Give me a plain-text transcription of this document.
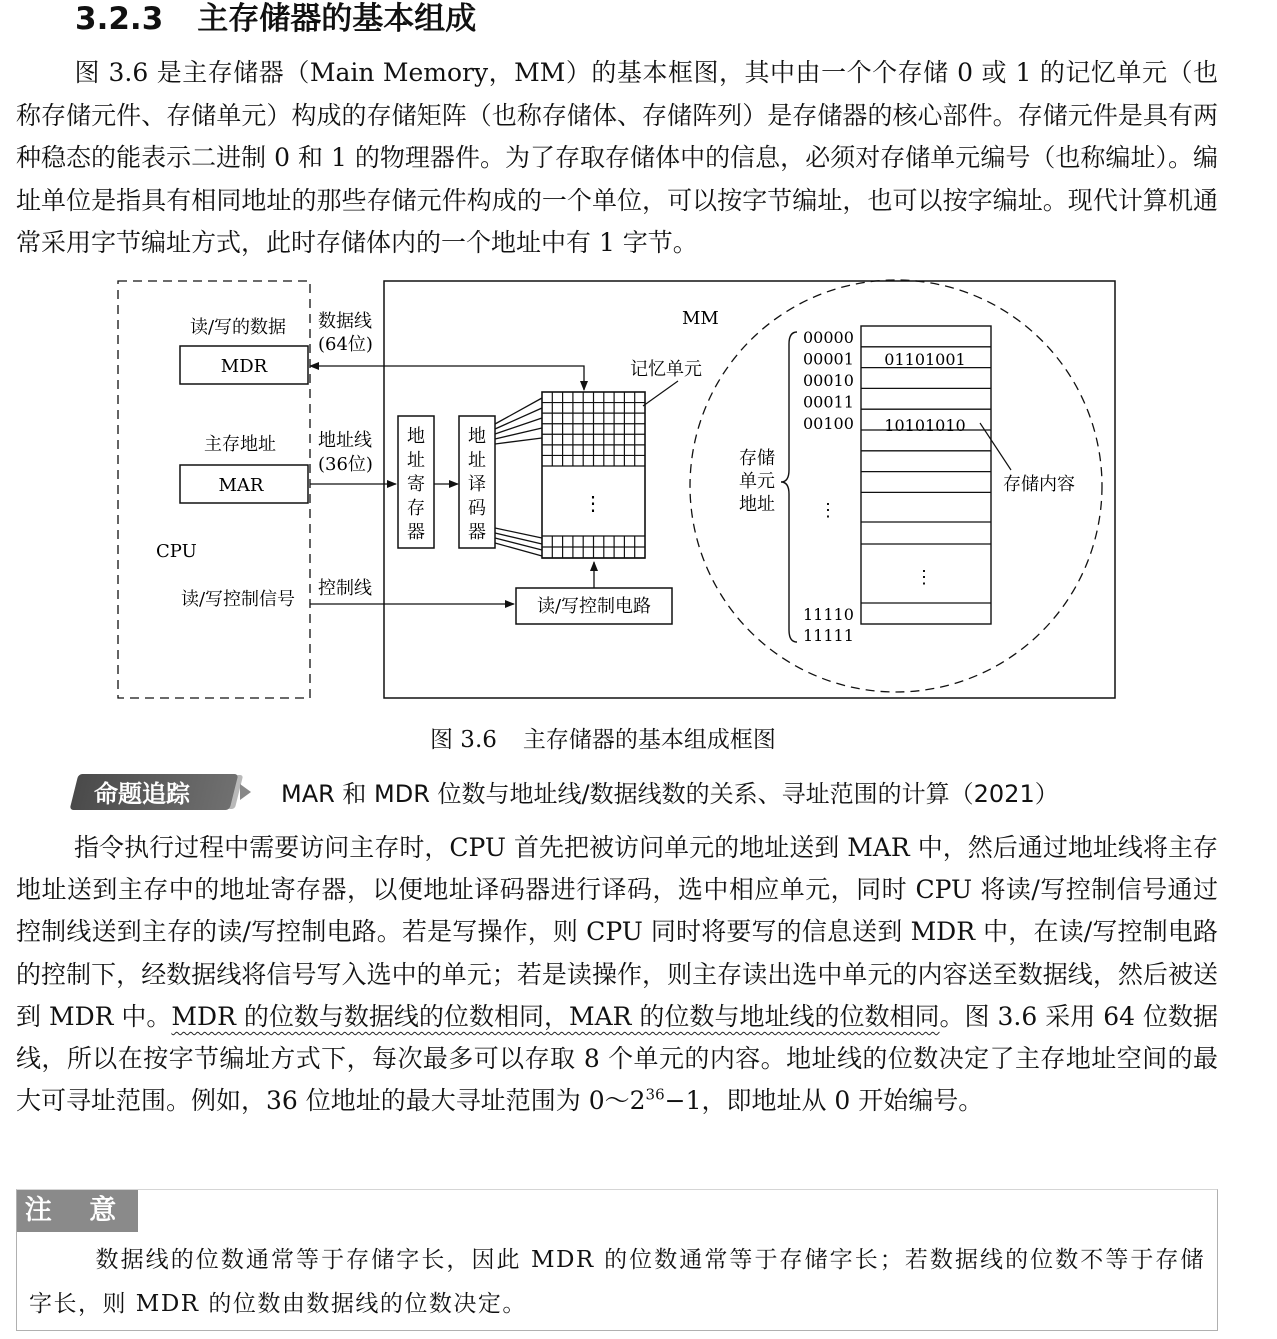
3.2.3 主存储器的基本组成

图 3.6 是主存储器（Main Memory，MM）的基本框图，其中由一个个存储 0 或 1 的记忆单元（也称存储元件、存储单元）构成的存储矩阵（也称存储体、存储阵列）是存储器的核心部件。存储元件是具有两种稳态的能表示二进制 0 和 1 的物理器件。为了存取存储体中的信息，必须对存储单元编号（也称编址）。编址单位是指具有相同地址的那些存储元件构成的一个单位，可以按字节编址，也可以按字编址。现代计算机通常采用字节编址方式，此时存储体内的一个地址中有 1 字节。

CPU
读/写的数据
MDR
主存地址
MAR
读/写控制信号
MM
数据线
(64位)
地址线
(36位)
控制线
地
址
寄
存
器
地
址
译
码
器
⋮
记忆单元
读/写控制电路
01101001
10101010
⋮
00000
00001
00010
00011
00100
⋮
11110
11111
存储
单元
地址
存储内容
图 3.6 主存储器的基本组成框图
命题追踪	MAR 和 MDR 位数与地址线/数据线数的关系、寻址范围的计算（2021）

指令执行过程中需要访问主存时，CPU 首先把被访问单元的地址送到 MAR 中，然后通过地址线将主存地址送到主存中的地址寄存器，以便地址译码器进行译码，选中相应单元，同时 CPU 将读/写控制信号通过控制线送到主存的读/写控制电路。若是写操作，则 CPU 同时将要写的信息送到 MDR 中，在读/写控制电路的控制下，经数据线将信号写入选中的单元；若是读操作，则主存读出选中单元的内容送至数据线，然后被送到 MDR 中。MDR 的位数与数据线的位数相同，MAR 的位数与地址线的位数相同。图 3.6 采用 64 位数据线，所以在按字节编址方式下，每次最多可以存取 8 个单元的内容。地址线的位数决定了主存地址空间的最大可寻址范围。例如，36 位地址的最大寻址范围为 $0\sim 2^{36}-1$，即地址从 0 开始编号。

注 意

数据线的位数通常等于存储字长，因此 MDR 的位数通常等于存储字长；若数据线的位数不等于存储字长，则 MDR 的位数由数据线的位数决定。
